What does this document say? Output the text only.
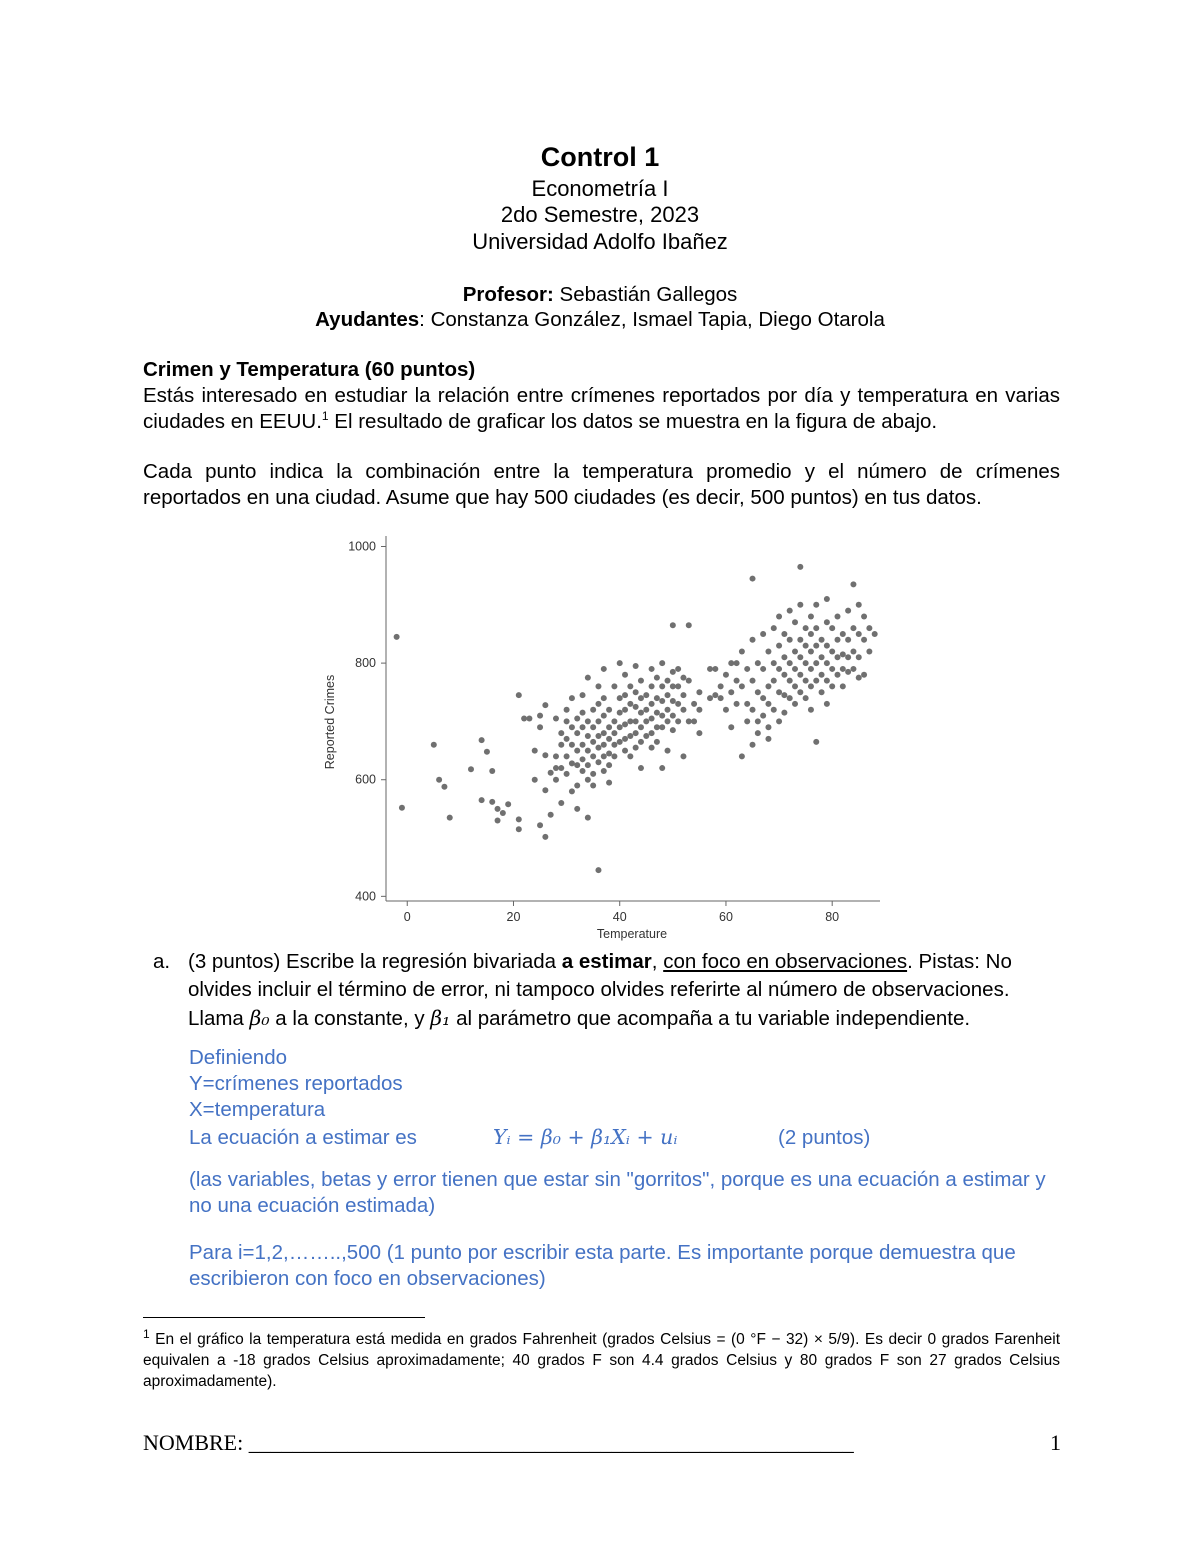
Control 1
Econometría I
2do Semestre, 2023
Universidad Adolfo Ibañez
Profesor: Sebastián Gallegos
Ayudantes: Constanza González, Ismael Tapia, Diego Otarola
Crimen y Temperatura (60 puntos)
Estás interesado en estudiar la relación entre crímenes reportados por día y temperatura en varias ciudades en EEUU.$^1$ El resultado de graficar los datos se muestra en la figura de abajo.
Cada punto indica la combinación entre la temperatura promedio y el número de crímenes reportados en una ciudad. Asume que hay 500 ciudades (es decir, 500 puntos) en tus datos.
400
600
800
1000
0	20	40	60	80
Temperature
Reported Crimes
a. (3 puntos) Escribe la regresión bivariada a estimar, con foco en observaciones. Pistas: No olvides incluir el término de error, ni tampoco olvides referirte al número de observaciones. Llama β₀ a la constante, y β₁ al parámetro que acompaña a tu variable independiente.
Definiendo
Y=crímenes reportados
X=temperatura
La ecuación a estimar es	Yᵢ = β₀ + β₁Xᵢ + uᵢ	(2 puntos)
(las variables, betas y error tienen que estar sin "gorritos", porque es una ecuación a estimar y no una ecuación estimada)
Para i=1,2,……..,500 (1 punto por escribir esta parte. Es importante porque demuestra que escribieron con foco en observaciones)
$^1$ En el gráfico la temperatura está medida en grados Fahrenheit (grados Celsius = (0 °F − 32) × 5/9). Es decir 0 grados Farenheit equivalen a -18 grados Celsius aproximadamente; 40 grados F son 4.4 grados Celsius y 80 grados F son 27 grados Celsius aproximadamente).
NOMBRE: _______________________________________________________	1
